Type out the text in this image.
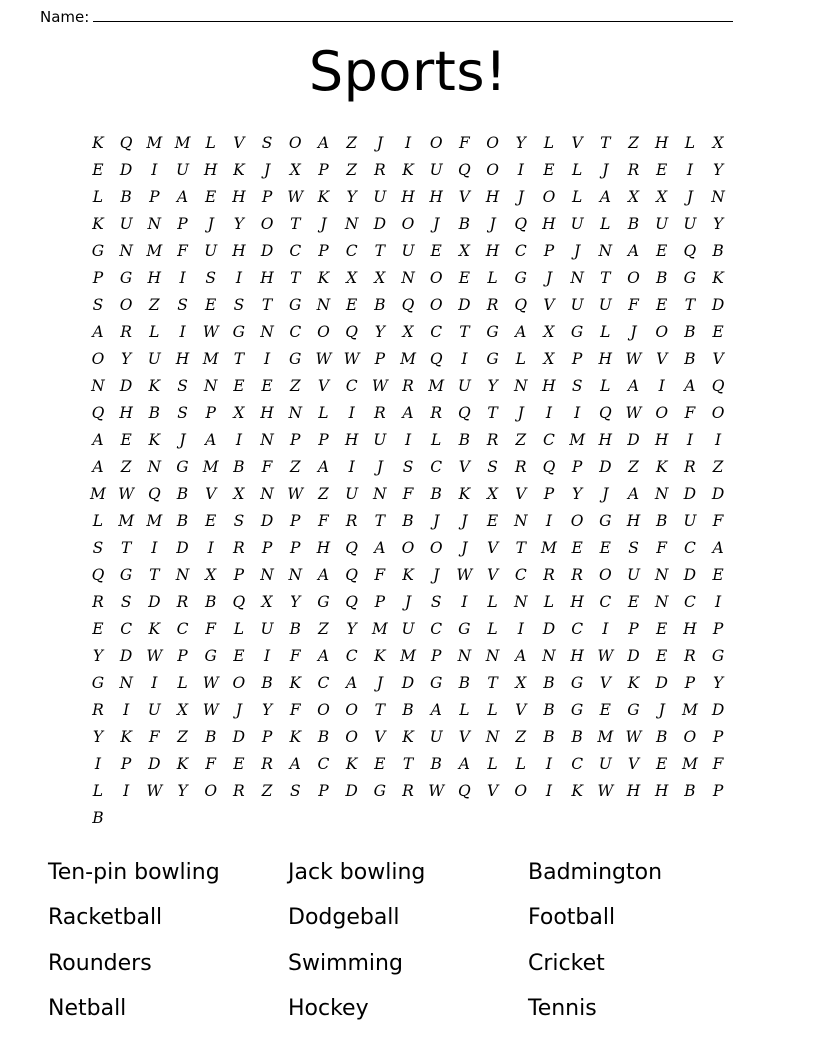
Name:
Sports!
K Q M M L V S O A Z J I O F O Y L V T Z H L X
E D I U H K J X P Z R K U Q O I E L J R E I Y
L B P A E H P W K Y U H H V H J O L A X X J N
K U N P J Y O T J N D O J B J Q H U L B U U Y
G N M F U H D C P C T U E X H C P J N A E Q B
P G H I S I H T K X X N O E L G J N T O B G K
S O Z S E S T G N E B Q O D R Q V U U F E T D
A R L I W G N C O Q Y X C T G A X G L J O B E
O Y U H M T I G W W P M Q I G L X P H W V B V
N D K S N E E Z V C W R M U Y N H S L A I A Q
Q H B S P X H N L I R A R Q T J I I Q W O F O
A E K J A I N P P H U I L B R Z C M H D H I I
A Z N G M B F Z A I J S C V S R Q P D Z K R Z
M W Q B V X N W Z U N F B K X V P Y J A N D D
L M M B E S D P F R T B J J E N I O G H B U F
S T I D I R P P H Q A O O J V T M E E S F C A
Q G T N X P N N A Q F K J W V C R R O U N D E
R S D R B Q X Y G Q P J S I L N L H C E N C I
E C K C F L U B Z Y M U C G L I D C I P E H P
Y D W P G E I F A C K M P N N A N H W D E R G
G N I L W O B K C A J D G B T X B G V K D P Y
R I U X W J Y F O O T B A L L V B G E G J M D
Y K F Z B D P K B O V K U V N Z B B M W B O P
I P D K F E R A C K E T B A L L I C U V E M F
L I W Y O R Z S P D G R W Q V O I K W H H B P
B
Ten-pin bowling	Jack bowling	Badmington
Racketball	Dodgeball	Football
Rounders	Swimming	Cricket
Netball	Hockey	Tennis
